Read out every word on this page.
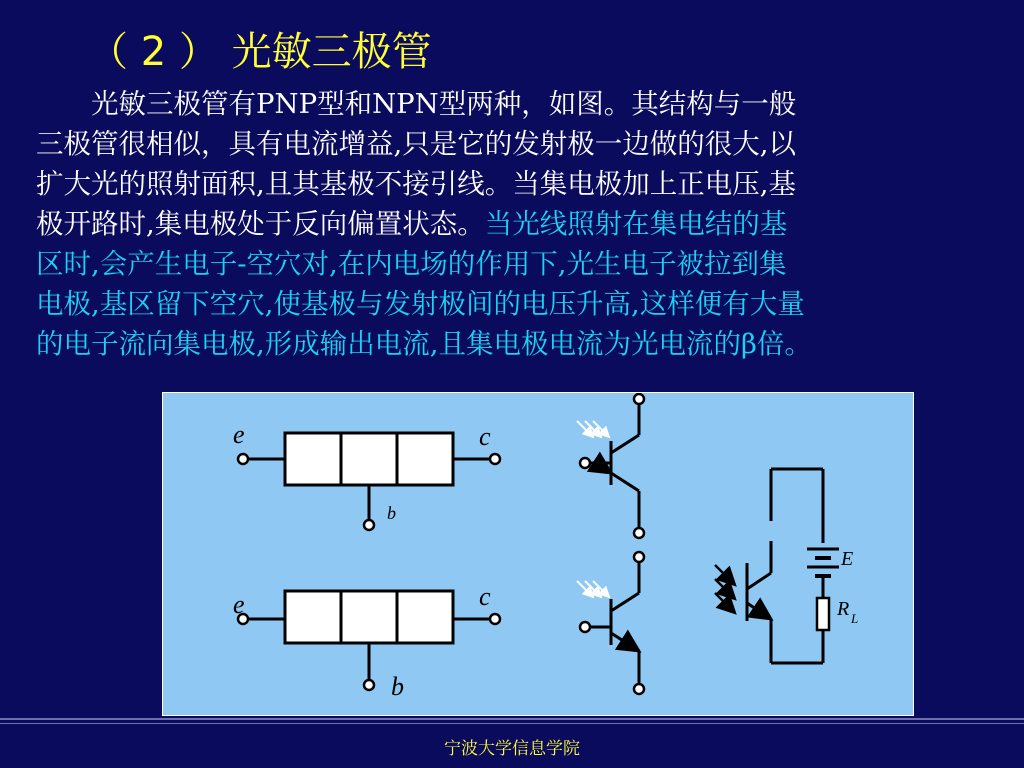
（ 2 ） 光敏三极管
　　光敏三极管有PNP型和NPN型两种，如图。其结构与一般
三极管很相似，具有电流增益,只是它的发射极一边做的很大,以
扩大光的照射面积,且其基极不接引线。当集电极加上正电压,基
极开路时,集电极处于反向偏置状态。当光线照射在集电结的基
区时,会产生电子-空穴对,在内电场的作用下,光生电子被拉到集
电极,基区留下空穴,使基极与发射极间的电压升高,这样便有大量
的电子流向集电极,形成输出电流,且集电极电流为光电流的β倍。
e	c
b
e	c
b
E
R L
宁波大学信息学院
